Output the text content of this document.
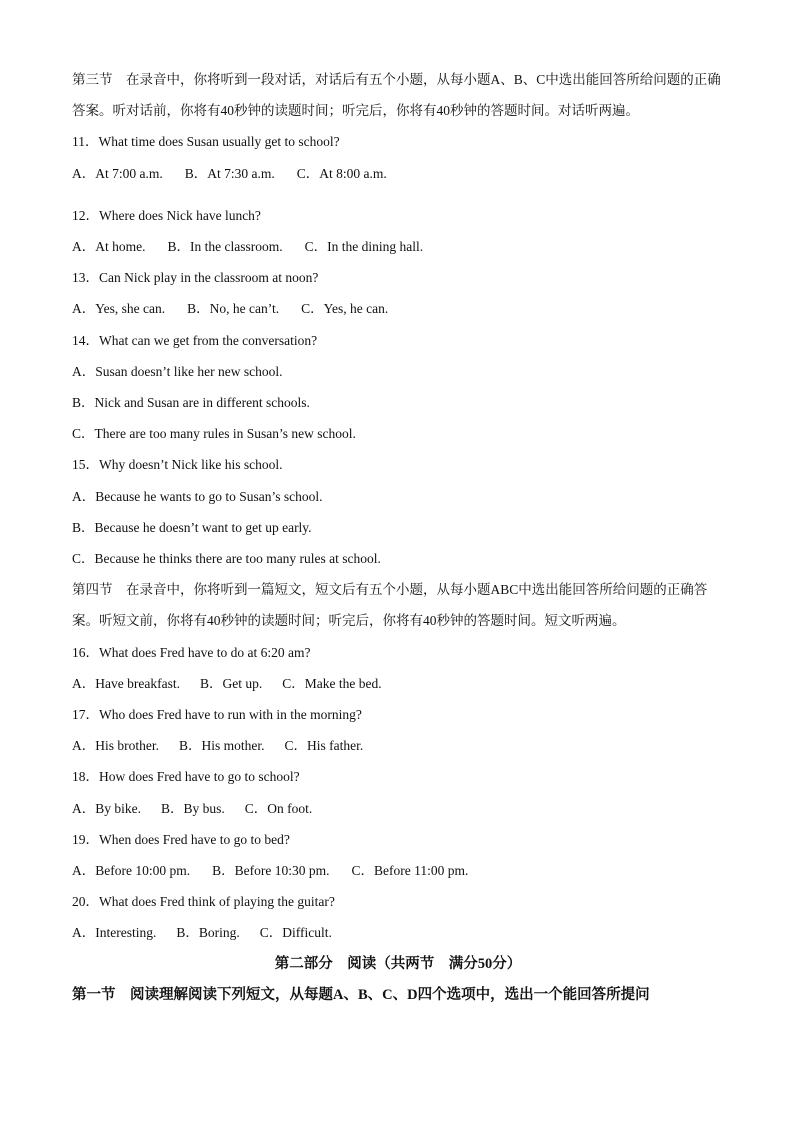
第三节　在录音中，你将听到一段对话，对话后有五个小题，从每小题A、B、C中选出能回答所给问题的正确答案。听对话前，你将有40秒钟的读题时间；听完后，你将有40秒钟的答题时间。对话听两遍。
11．What time does Susan usually get to school?
A．At 7:00 a.m. B．At 7:30 a.m. C．At 8:00 a.m.
12．Where does Nick have lunch?
A．At home. B．In the classroom. C．In the dining hall.
13．Can Nick play in the classroom at noon?
A．Yes, she can. B．No, he can’t. C．Yes, he can.
14．What can we get from the conversation?
A．Susan doesn’t like her new school.
B．Nick and Susan are in different schools.
C．There are too many rules in Susan’s new school.
15．Why doesn’t Nick like his school.
A．Because he wants to go to Susan’s school.
B．Because he doesn’t want to get up early.
C．Because he thinks there are too many rules at school.
第四节　在录音中，你将听到一篇短文，短文后有五个小题，从每小题ABC中选出能回答所给问题的正确答案。听短文前，你将有40秒钟的读题时间；听完后，你将有40秒钟的答题时间。短文听两遍。
16．What does Fred have to do at 6:20 am?
A．Have breakfast. B．Get up. C．Make the bed.
17．Who does Fred have to run with in the morning?
A．His brother. B．His mother. C．His father.
18．How does Fred have to go to school?
A．By bike. B．By bus. C．On foot.
19．When does Fred have to go to bed?
A．Before 10:00 pm. B．Before 10:30 pm. C．Before 11:00 pm.
20．What does Fred think of playing the guitar?
A．Interesting. B．Boring. C．Difficult.
第二部分　阅读（共两节　满分50分）
第一节　阅读理解阅读下列短文，从每题A、B、C、D四个选项中，选出一个能回答所提问
